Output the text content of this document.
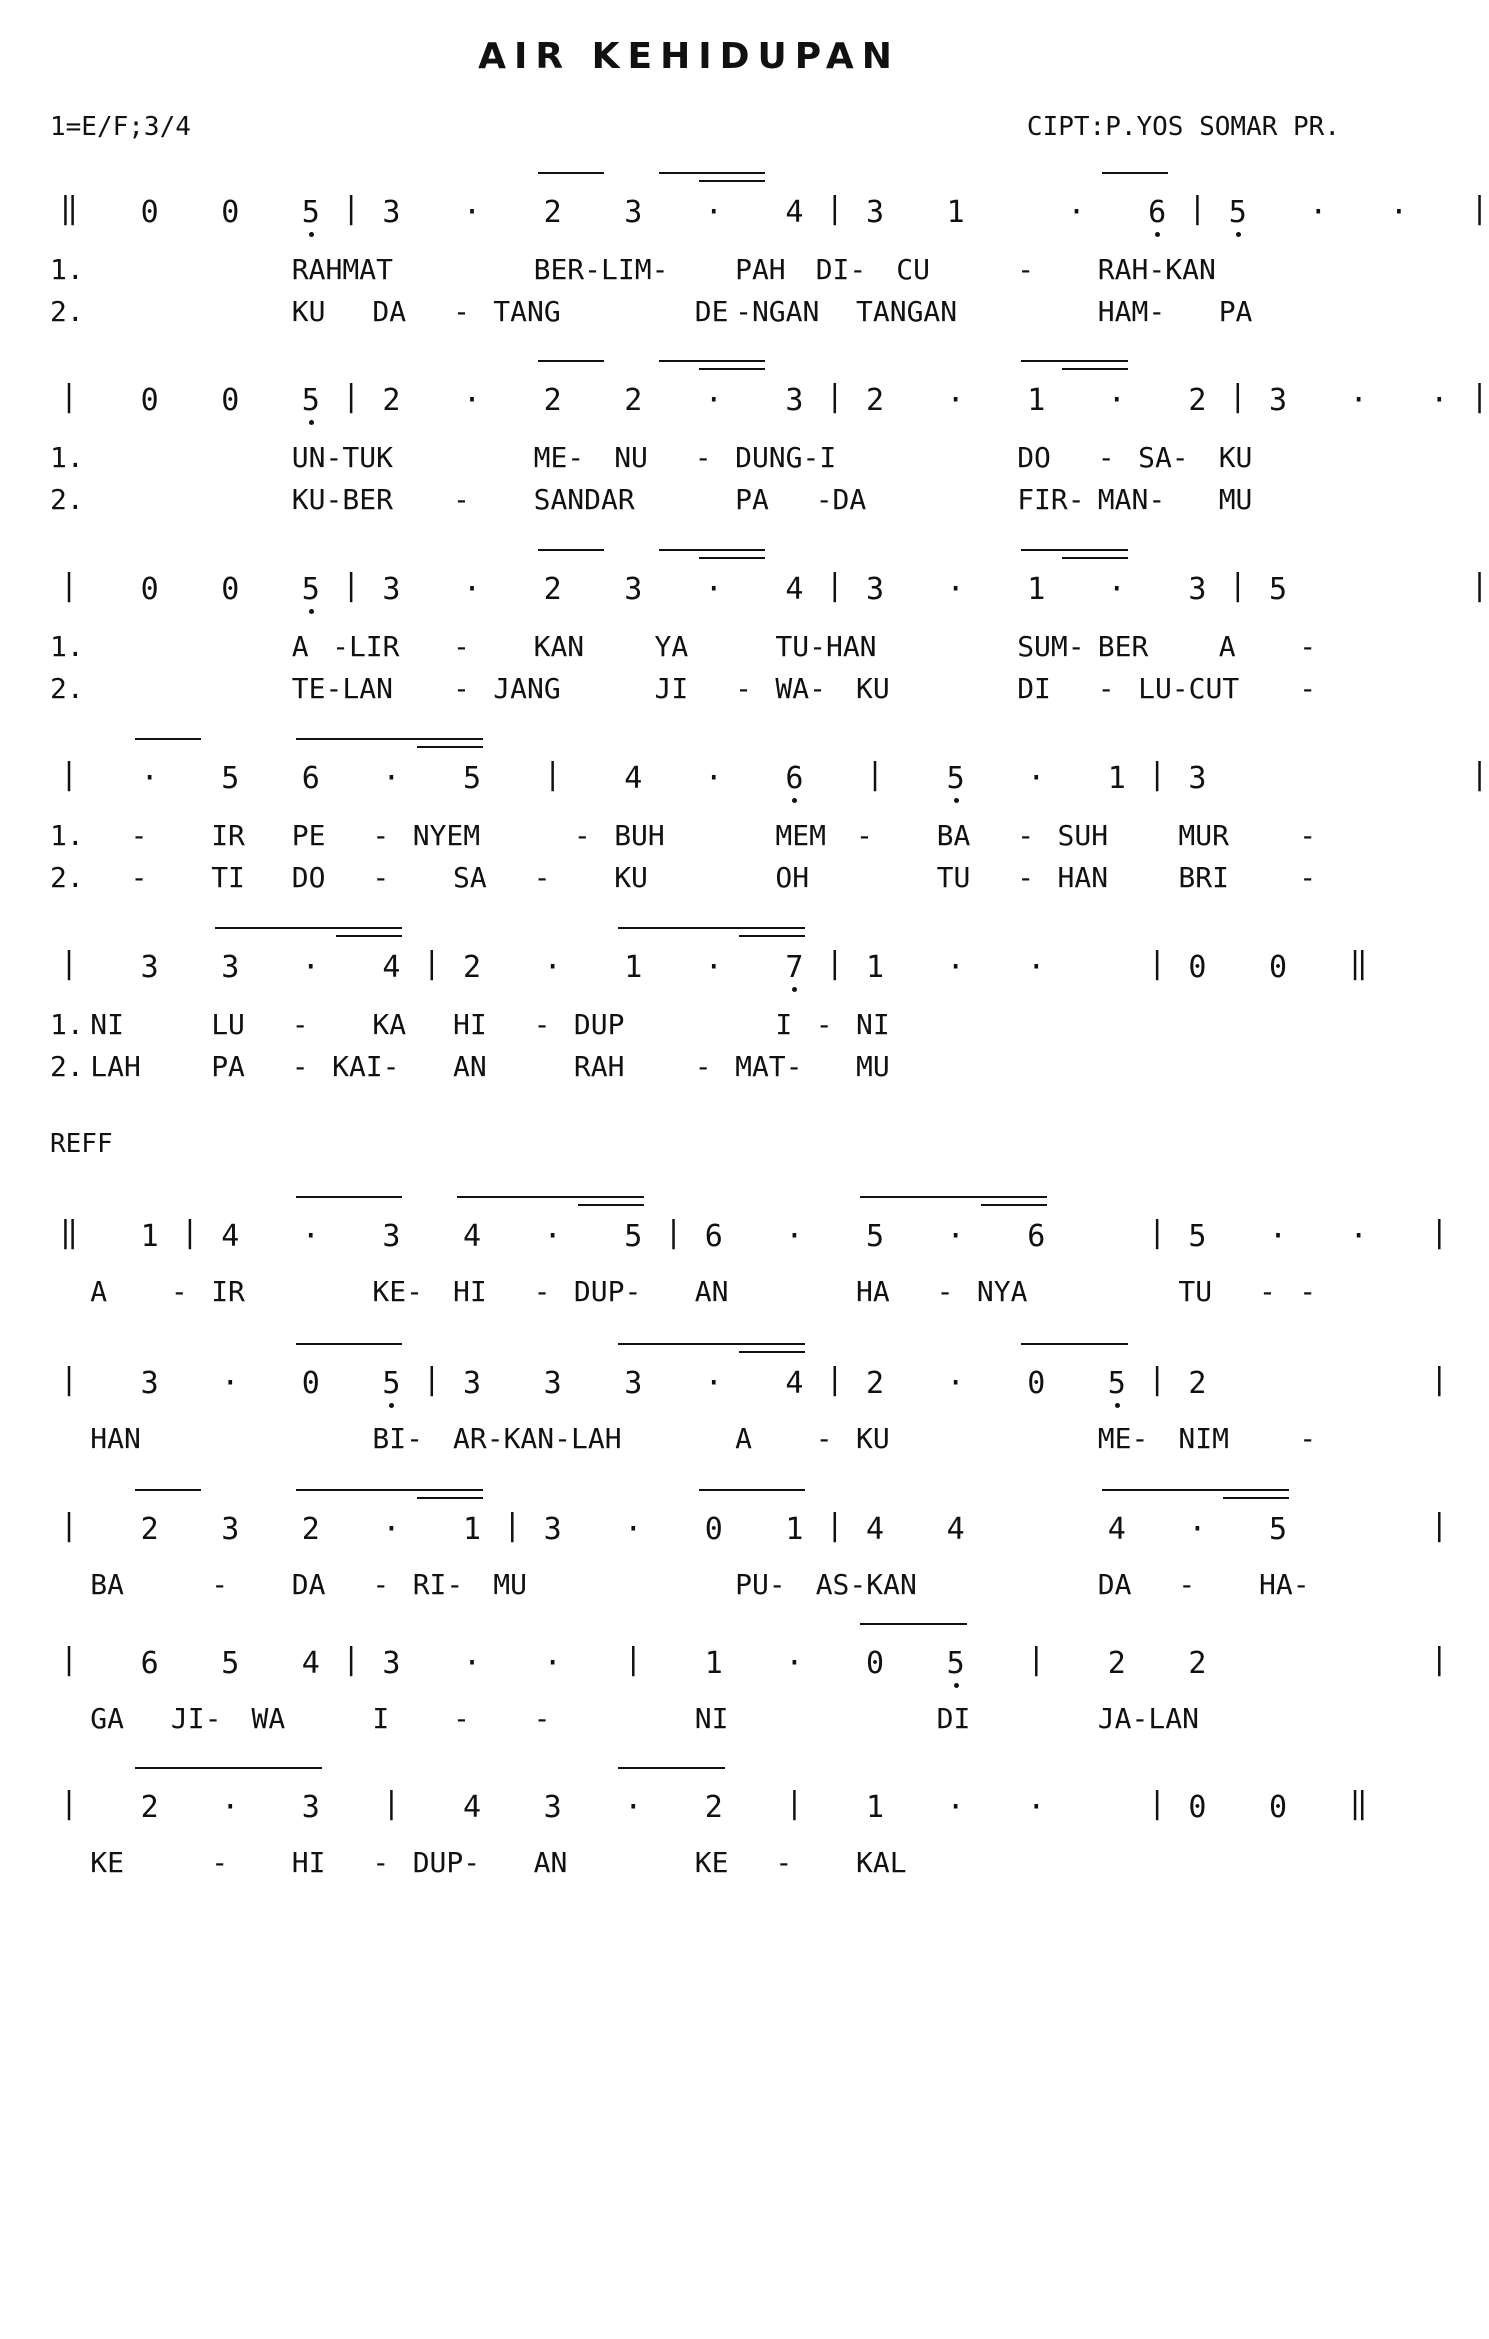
AIR KEHIDUPAN
1=E/F;3/4	CIPT:P.YOS SOMAR PR.
REFF
‖ 0 0 5 | 3 · 2 3 · 4 | 3 1	· 6 | 5 · · |
1.	RAHMAT	BER-LIM- PAH DI- CU	- RAH-KAN
2.	KU DA - TANG	DE -NGAN TANGAN	HAM- PA
| 0 0 5 | 2 · 2 2 · 3 | 2 · 1 · 2 | 3 · · |
1.	UN-TUK	ME- NU - DUNG-I	DO - SA- KU
2.	KU-BER - SANDAR	PA -DA	FIR- MAN- MU
| 0 0 5 | 3 · 2 3 · 4 | 3 · 1 · 3 | 5	|
1.	A -LIR - KAN	YA	TU-HAN	SUM- BER	A -
2.	TE-LAN - JANG	JI - WA- KU	DI - LU-CUT -
| · 5 6 · 5 | 4 · 6 | 5 · 1 | 3	|
1. - IR PE - NYEM	- BUH	MEM - BA - SUH	MUR	-
2. - TI DO - SA - KU	OH	TU - HAN	BRI	-
| 3 3 · 4 | 2 · 1 · 7 | 1 · ·	| 0 0 ‖
1. NI	LU - KA HI - DUP	I - NI
2. LAH	PA - KAI- AN	RAH	- MAT- MU
‖ 1 | 4 · 3 4 · 5 | 6 · 5 · 6	| 5 · · |
A - IR	KE- HI - DUP- AN	HA - NYA	TU - -
| 3 · 0 5 | 3 3 3 · 4 | 2 · 0 5 | 2	|
HAN	BI- AR-KAN-LAH	A - KU	ME- NIM	-
| 2 3 2 · 1 | 3 · 0 1 | 4 4	4 · 5	|
BA	- DA - RI- MU	PU- AS-KAN	DA - HA-
| 6 5 4 | 3 · · | 1 · 0 5 | 2 2	|
GA JI- WA	I - -	NI	DI	JA-LAN
| 2 · 3 | 4 3 · 2 | 1 · ·	| 0 0 ‖
KE	- HI - DUP- AN	KE - KAL
